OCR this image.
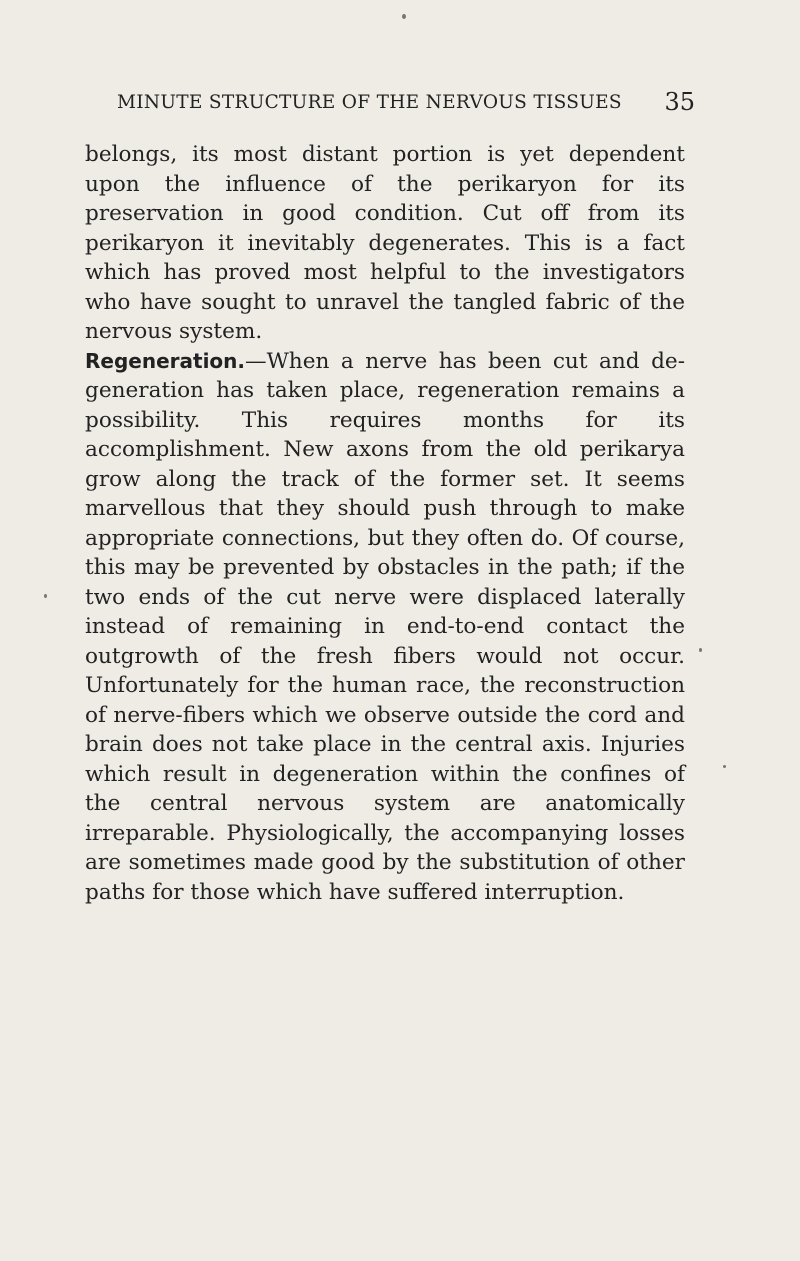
MINUTE STRUCTURE OF THE NERVOUS TISSUES 35

belongs, its most distant portion is yet dependent upon the influence of the perikaryon for its preservation in good condition. Cut off from its perikaryon it inevitably degenerates. This is a fact which has proved most helpful to the investigators who have sought to unravel the tangled fabric of the nervous system.

Regeneration.—When a nerve has been cut and degeneration has taken place, regeneration remains a possibility. This requires months for its accomplishment. New axons from the old perikarya grow along the track of the former set. It seems marvellous that they should push through to make appropriate connections, but they often do. Of course, this may be prevented by obstacles in the path; if the two ends of the cut nerve were displaced laterally instead of remaining in end-to-end contact the outgrowth of the fresh fibers would not occur. Unfortunately for the human race, the reconstruction of nerve-fibers which we observe outside the cord and brain does not take place in the central axis. Injuries which result in degeneration within the confines of the central nervous system are anatomically irreparable. Physiologically, the accompanying losses are sometimes made good by the substitution of other paths for those which have suffered interruption.
